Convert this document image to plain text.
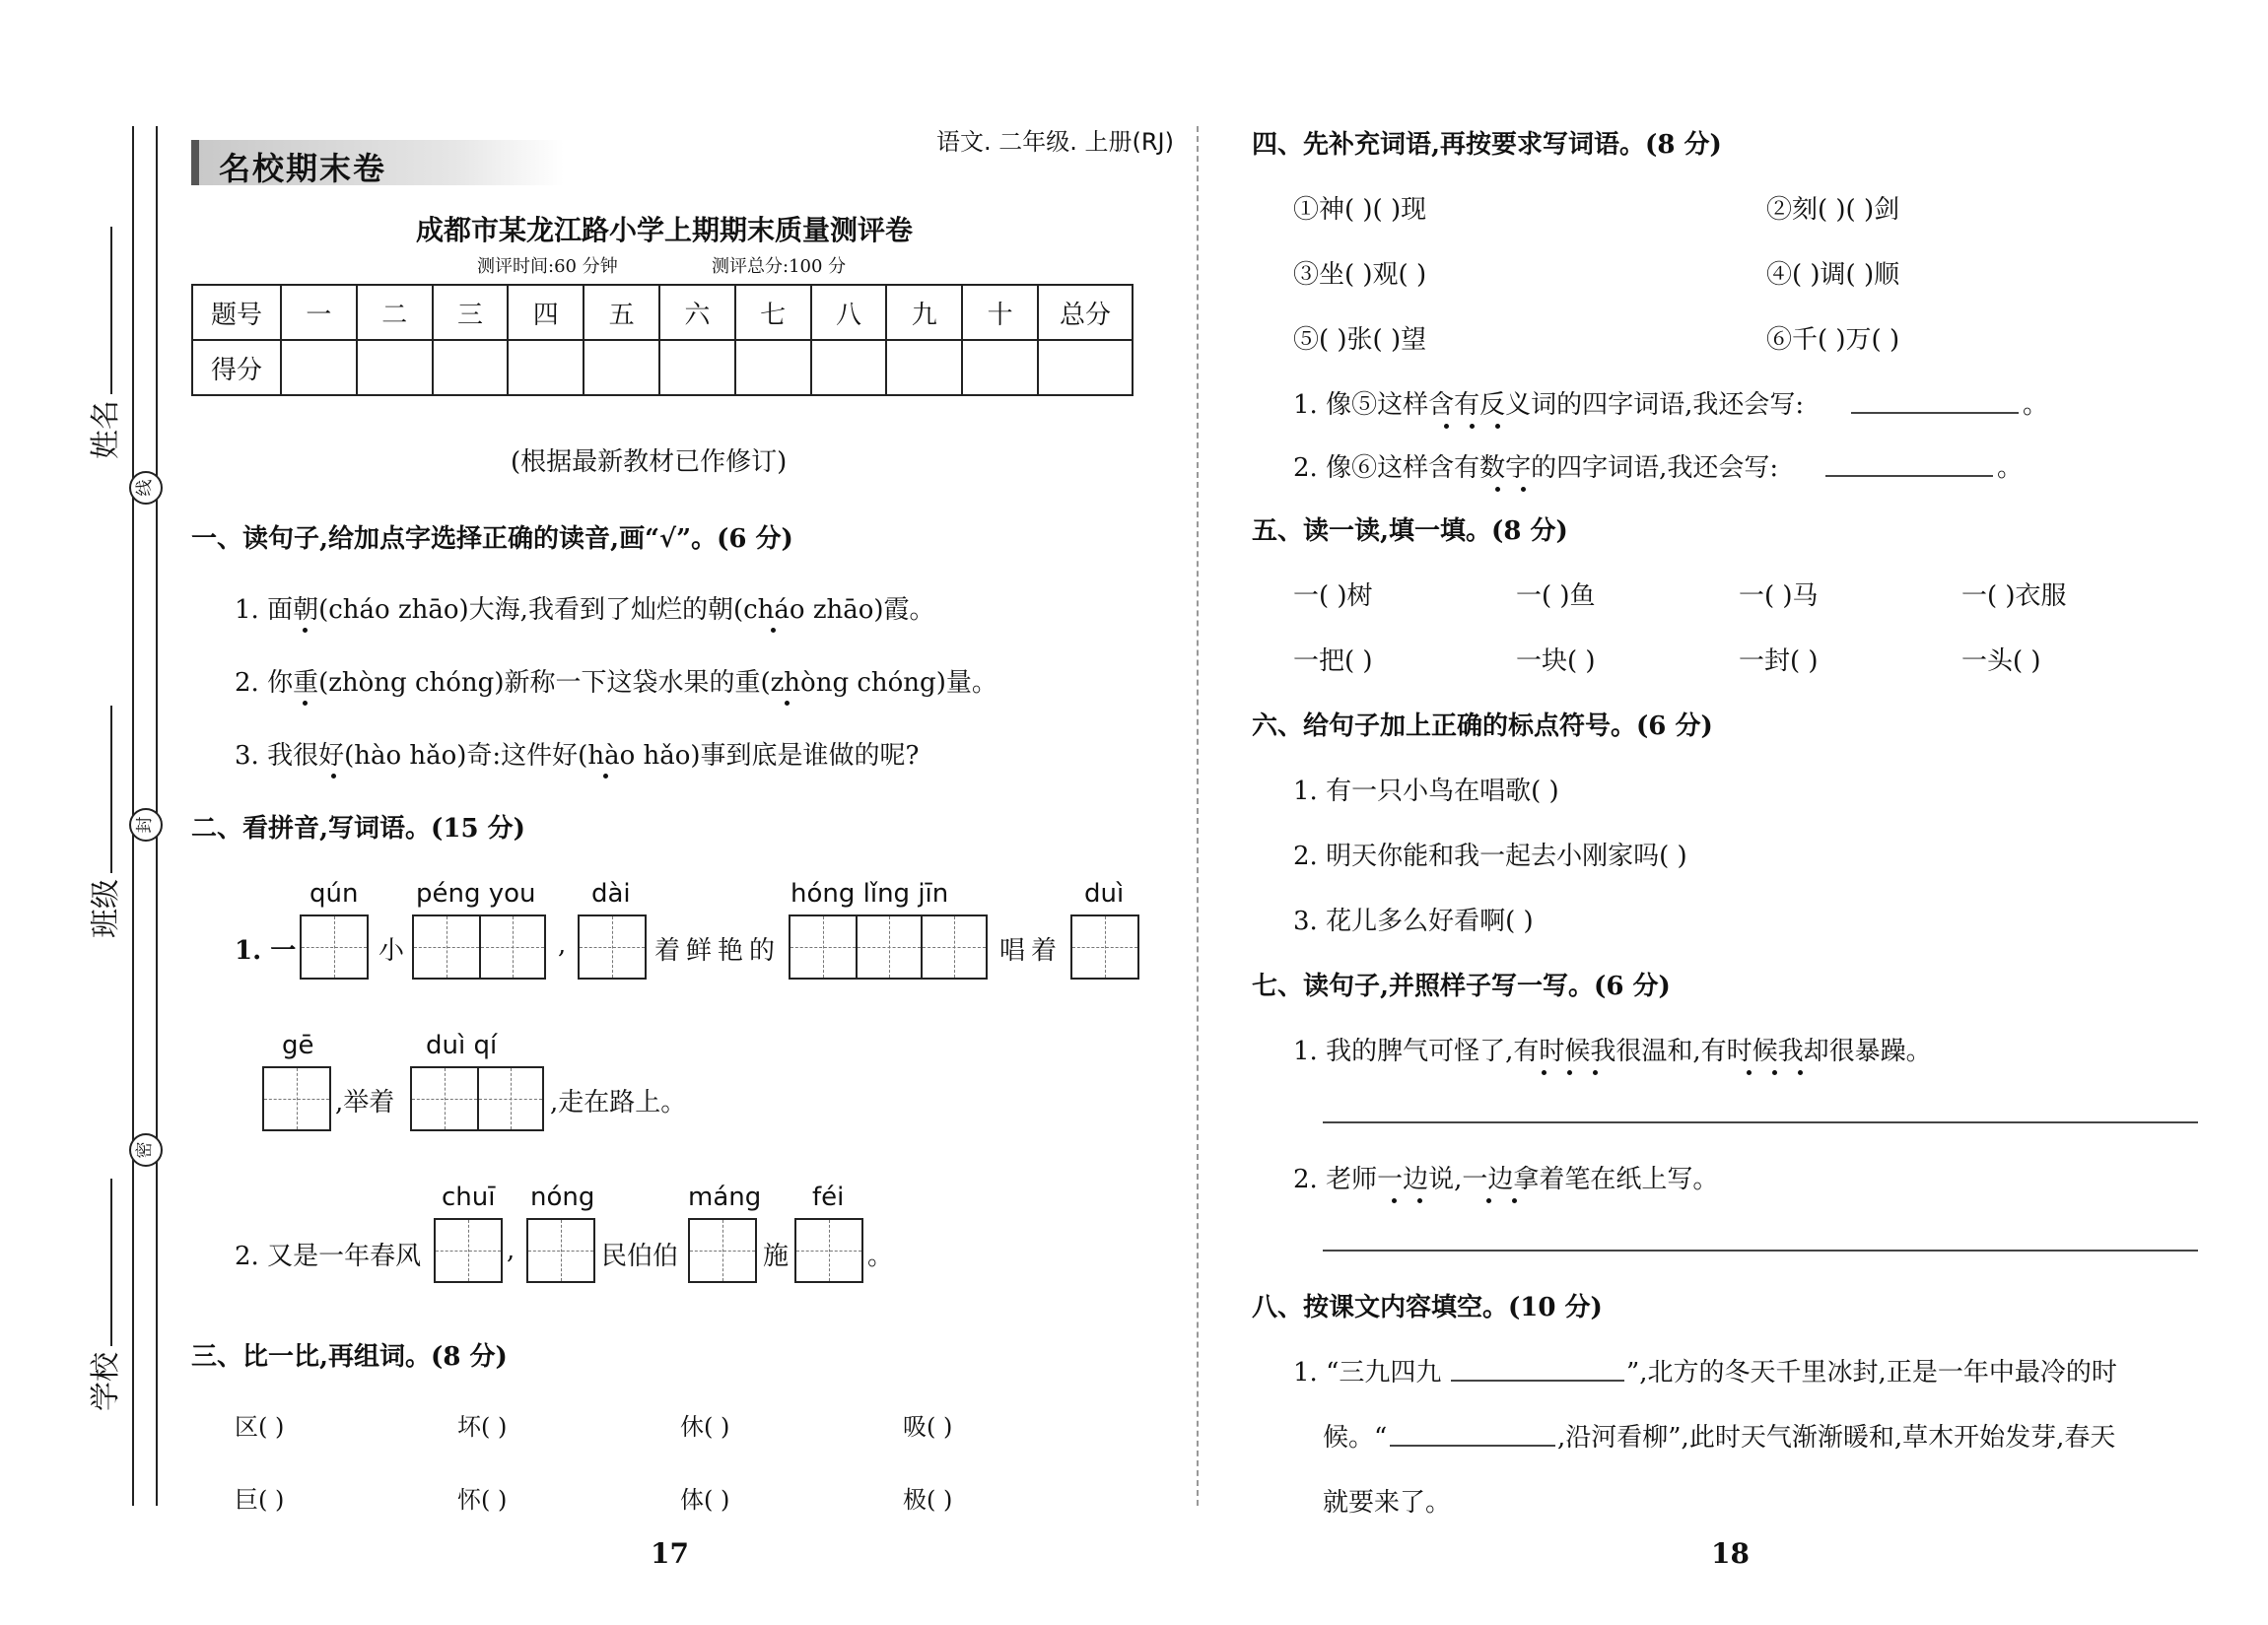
姓名
班级
学校
线
封
密
名校期末卷
语文. 二年级. 上册(RJ)
成都市某龙江路小学上期期末质量测评卷
测评时间:60 分钟	测评总分:100 分
题号	一	二	三	四	五	六	七	八	九	十	总分
得分											
(根据最新教材已作修订)
一、读句子,给加点字选择正确的读音,画“√”。(6 分)
1. 面朝(cháo zhāo)大海,我看到了灿烂的朝(cháo zhāo)霞。
2. 你重(zhòng chóng)新称一下这袋水果的重(zhòng chóng)量。
3. 我很好(hào hǎo)奇:这件好(hào hǎo)事到底是谁做的呢?
二、看拼音,写词语。(15 分)
qún péng you dài	hóng lǐng jīn	duì
1. 一	小	,	着鲜艳的	唱着
gē	duì qí
,举着	,走在路上。
chuī nóng	máng féi
2. 又是一年春风	,	民伯伯	施	。
三、比一比,再组词。(8 分)
区( )	坏( )	休( )	吸( )
巨( )	怀( )	体( )	极( )
17
四、先补充词语,再按要求写词语。(8 分)
①神( )( )现	②刻( )( )剑
③坐( )观( )	④( )调( )顺
⑤( )张( )望	⑥千( )万( )
1. 像⑤这样含有反义词的四字词语,我还会写:	。
2. 像⑥这样含有数字的四字词语,我还会写:	。
五、读一读,填一填。(8 分)
一( )树	一( )鱼	一( )马	一( )衣服
一把( )	一块( )	一封( )	一头( )
六、给句子加上正确的标点符号。(6 分)
1. 有一只小鸟在唱歌( )
2. 明天你能和我一起去小刚家吗( )
3. 花儿多么好看啊( )
七、读句子,并照样子写一写。(6 分)
1. 我的脾气可怪了,有时候我很温和,有时候我却很暴躁。
2. 老师一边说,一边拿着笔在纸上写。
八、按课文内容填空。(10 分)
1. “三九四九	”,北方的冬天千里冰封,正是一年中最冷的时
候。“	,沿河看柳”,此时天气渐渐暖和,草木开始发芽,春天
就要来了。
18
